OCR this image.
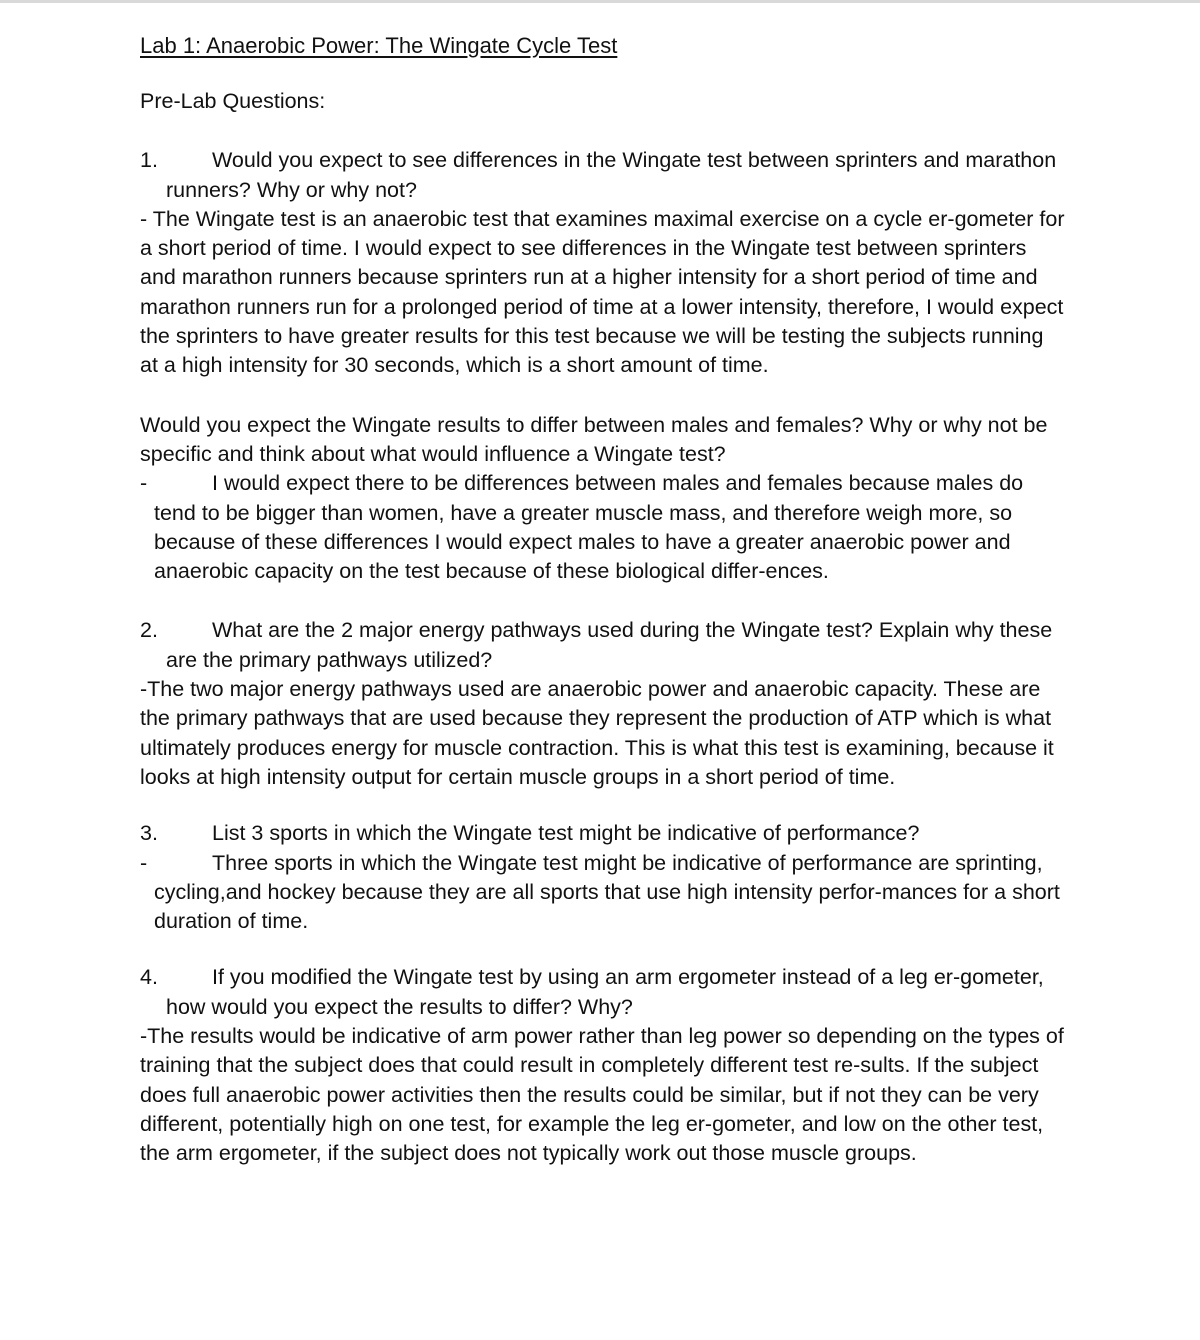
Lab 1: Anaerobic Power: The Wingate Cycle Test

Pre-Lab Questions:

1.	Would you expect to see differences in the Wingate test between sprinters and marathon runners? Why or why not?

- The Wingate test is an anaerobic test that examines maximal exercise on a cycle er-gometer for a short period of time. I would expect to see differences in the Wingate test between sprinters and marathon runners because sprinters run at a higher intensity for a short period of time and marathon runners run for a prolonged period of time at a lower intensity, therefore, I would expect the sprinters to have greater results for this test because we will be testing the subjects running at a high intensity for 30 seconds, which is a short amount of time.

Would you expect the Wingate results to differ between males and females? Why or why not be specific and think about what would influence a Wingate test?

-	I would expect there to be differences between males and females because males do tend to be bigger than women, have a greater muscle mass, and therefore weigh more, so because of these differences I would expect males to have a greater anaerobic power and anaerobic capacity on the test because of these biological differ-ences.
2.	What are the 2 major energy pathways used during the Wingate test? Explain why these are the primary pathways utilized?

-The two major energy pathways used are anaerobic power and anaerobic capacity. These are the primary pathways that are used because they represent the production of ATP which is what ultimately produces energy for muscle contraction. This is what this test is examining, because it looks at high intensity output for certain muscle groups in a short period of time.

3.	List 3 sports in which the Wingate test might be indicative of performance?
-	Three sports in which the Wingate test might be indicative of performance are sprinting, cycling,and hockey because they are all sports that use high intensity perfor-mances for a short duration of time.
4.	If you modified the Wingate test by using an arm ergometer instead of a leg er-gometer, how would you expect the results to differ? Why?

-The results would be indicative of arm power rather than leg power so depending on the types of training that the subject does that could result in completely different test re-sults. If the subject does full anaerobic power activities then the results could be similar, but if not they can be very different, potentially high on one test, for example the leg er-gometer, and low on the other test, the arm ergometer, if the subject does not typically work out those muscle groups.
